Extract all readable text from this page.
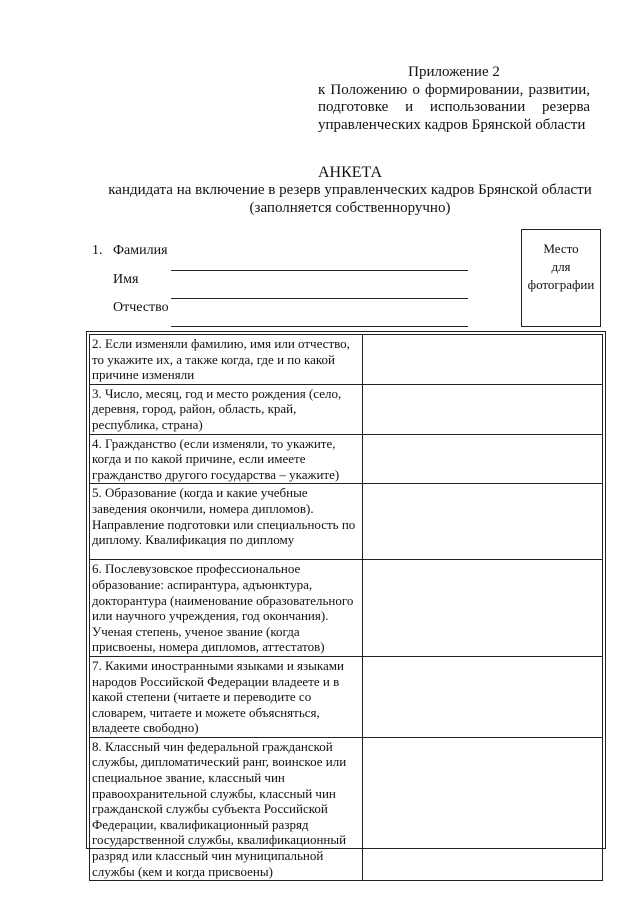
Приложение 2
к Положению о формировании, развитии,
подготовке и использовании резерва
управленческих кадров Брянской области
АНКЕТА
кандидата на включение в резерв управленческих кадров Брянской области
(заполняется собственноручно)
1. Фамилия
Имя
Отчество
Место
для
фотографии
2. Если изменяли фамилию, имя или отчество, то укажите их, а также когда, где и по какой причине изменяли	
3. Число, месяц, год и место рождения (село, деревня, город, район, область, край, республика, страна)	
4. Гражданство (если изменяли, то укажите, когда и по какой причине, если имеете гражданство другого государства – укажите)	
5. Образование (когда и какие учебные заведения окончили, номера дипломов). Направление подготовки или специальность по диплому. Квалификация по диплому	
6. Послевузовское профессиональное образование: аспирантура, адъюнктура, докторантура (наименование образовательного или научного учреждения, год окончания). Ученая степень, ученое звание (когда присвоены, номера дипломов, аттестатов)	
7. Какими иностранными языками и языками народов Российской Федерации владеете и в какой степени (читаете и переводите со словарем, читаете и можете объясняться, владеете свободно)	
8. Классный чин федеральной гражданской службы, дипломатический ранг, воинское или специальное звание, классный чин правоохранительной службы, классный чин гражданской службы субъекта Российской Федерации, квалификационный разряд государственной службы, квалификационный разряд или классный чин муниципальной службы (кем и когда присвоены)	
